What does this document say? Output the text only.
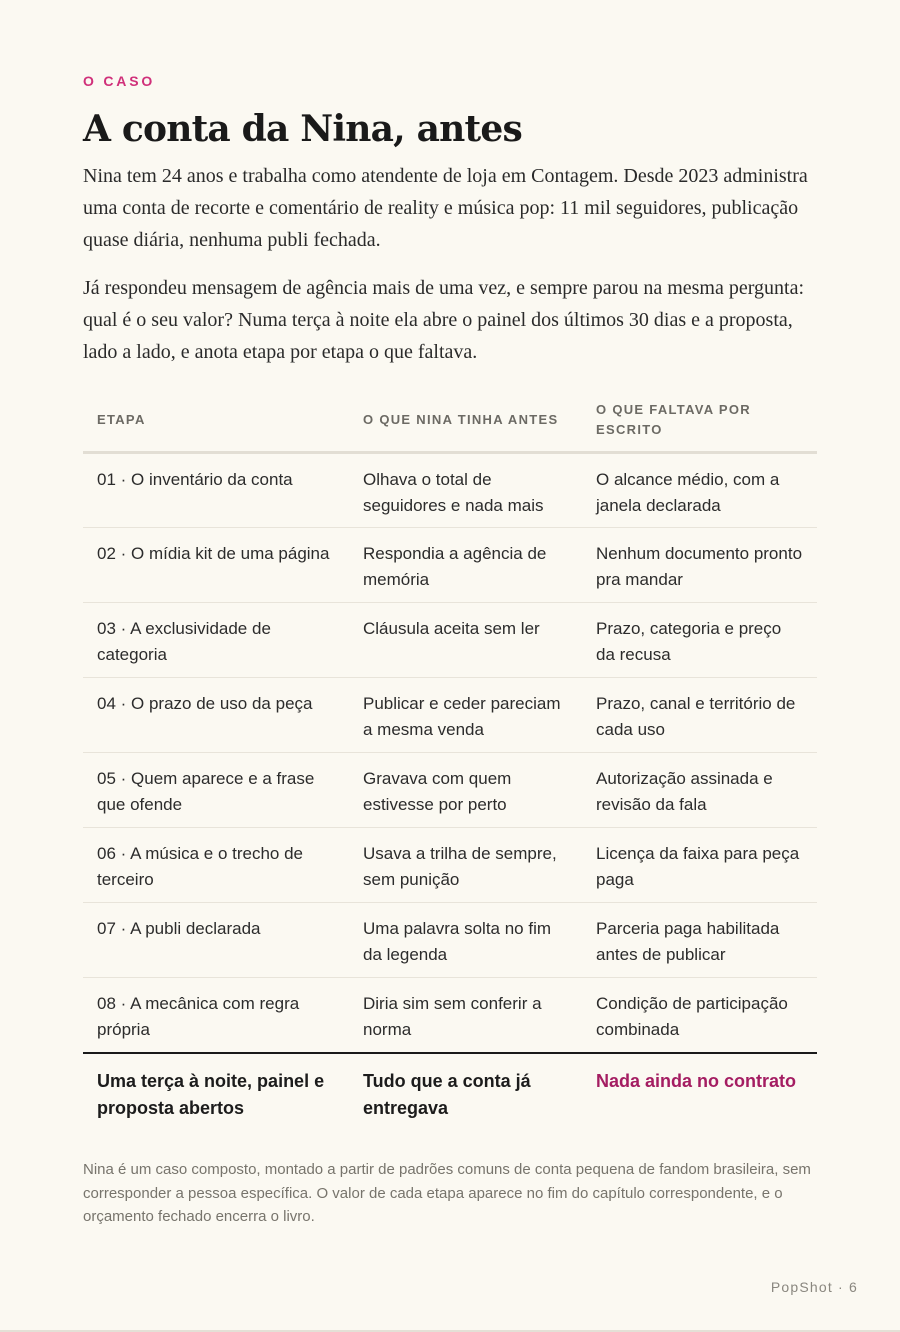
O CASO
A conta da Nina, antes

Nina tem 24 anos e trabalha como atendente de loja em Contagem. Desde 2023 administra uma conta de recorte e comentário de reality e música pop: 11 mil seguidores, publicação quase diária, nenhuma publi fechada.

Já respondeu mensagem de agência mais de uma vez, e sempre parou na mesma pergunta: qual é o seu valor? Numa terça à noite ela abre o painel dos últimos 30 dias e a proposta, lado a lado, e anota etapa por etapa o que faltava.

ETAPA	O QUE NINA TINHA ANTES	O QUE FALTAVA POR ESCRITO
01 · O inventário da conta	Olhava o total de seguidores e nada mais	O alcance médio, com a janela declarada
02 · O mídia kit de uma página	Respondia a agência de memória	Nenhum documento pronto pra mandar
03 · A exclusividade de categoria	Cláusula aceita sem ler	Prazo, categoria e preço da recusa
04 · O prazo de uso da peça	Publicar e ceder pareciam a mesma venda	Prazo, canal e território de cada uso
05 · Quem aparece e a frase que ofende	Gravava com quem estivesse por perto	Autorização assinada e revisão da fala
06 · A música e o trecho de terceiro	Usava a trilha de sempre, sem punição	Licença da faixa para peça paga
07 · A publi declarada	Uma palavra solta no fim da legenda	Parceria paga habilitada antes de publicar
08 · A mecânica com regra própria	Diria sim sem conferir a norma	Condição de participação combinada
Uma terça à noite, painel e proposta abertos	Tudo que a conta já entregava	Nada ainda no contrato

Nina é um caso composto, montado a partir de padrões comuns de conta pequena de fandom brasileira, sem corresponder a pessoa específica. O valor de cada etapa aparece no fim do capítulo correspondente, e o orçamento fechado encerra o livro.

PopShot · 6
